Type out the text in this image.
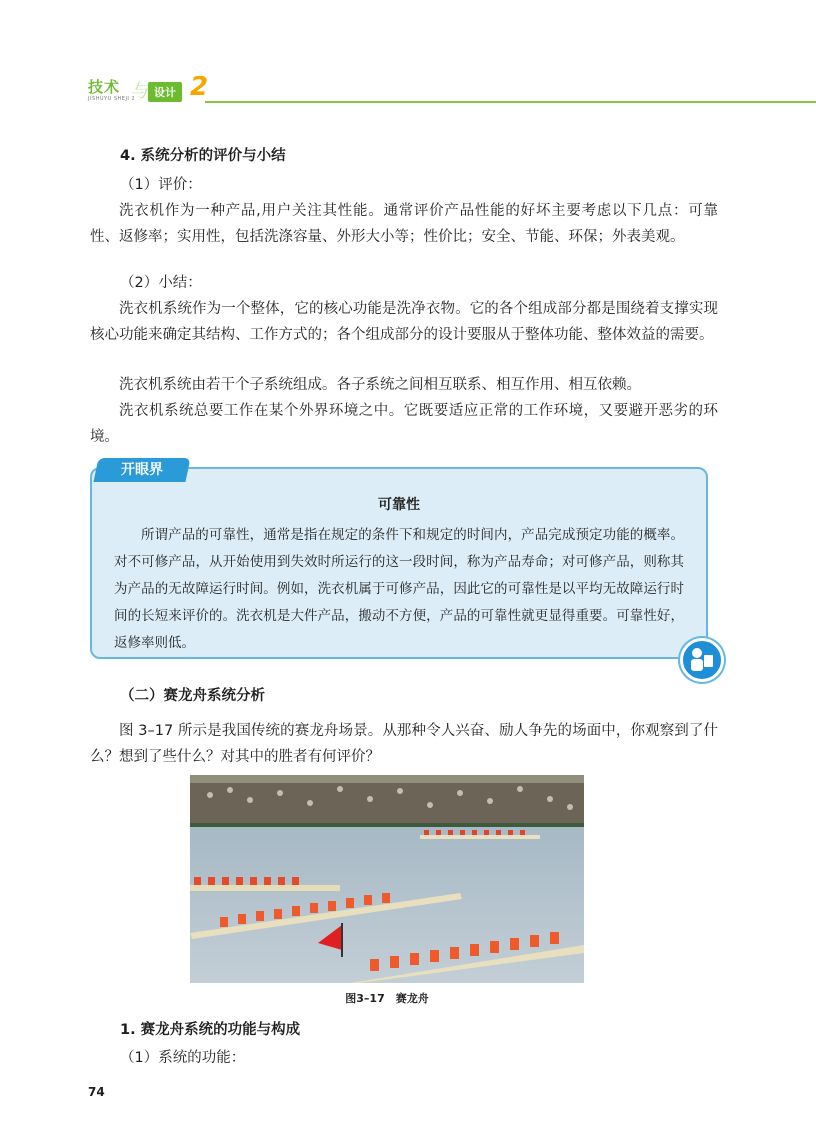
技术
JISHUYU SHEJI 2
与 设计 2
4. 系统分析的评价与小结
（1）评价：

洗衣机作为一种产品,用户关注其性能。通常评价产品性能的好坏主要考虑以下几点：可靠性、返修率；实用性，包括洗涤容量、外形大小等；性价比；安全、节能、环保；外表美观。

（2）小结：

洗衣机系统作为一个整体，它的核心功能是洗净衣物。它的各个组成部分都是围绕着支撑实现核心功能来确定其结构、工作方式的；各个组成部分的设计要服从于整体功能、整体效益的需要。

洗衣机系统由若干个子系统组成。各子系统之间相互联系、相互作用、相互依赖。

洗衣机系统总要工作在某个外界环境之中。它既要适应正常的工作环境，又要避开恶劣的环境。

开眼界
可靠性

所谓产品的可靠性，通常是指在规定的条件下和规定的时间内，产品完成预定功能的概率。对不可修产品，从开始使用到失效时所运行的这一段时间，称为产品寿命；对可修产品，则称其为产品的无故障运行时间。例如，洗衣机属于可修产品，因此它的可靠性是以平均无故障运行时间的长短来评价的。洗衣机是大件产品，搬动不方便，产品的可靠性就更显得重要。可靠性好，返修率则低。

（二）赛龙舟系统分析

图 3–17 所示是我国传统的赛龙舟场景。从那种令人兴奋、励人争先的场面中，你观察到了什么？想到了些什么？对其中的胜者有何评价？

图3–17　赛龙舟
1. 赛龙舟系统的功能与构成
（1）系统的功能：
74
